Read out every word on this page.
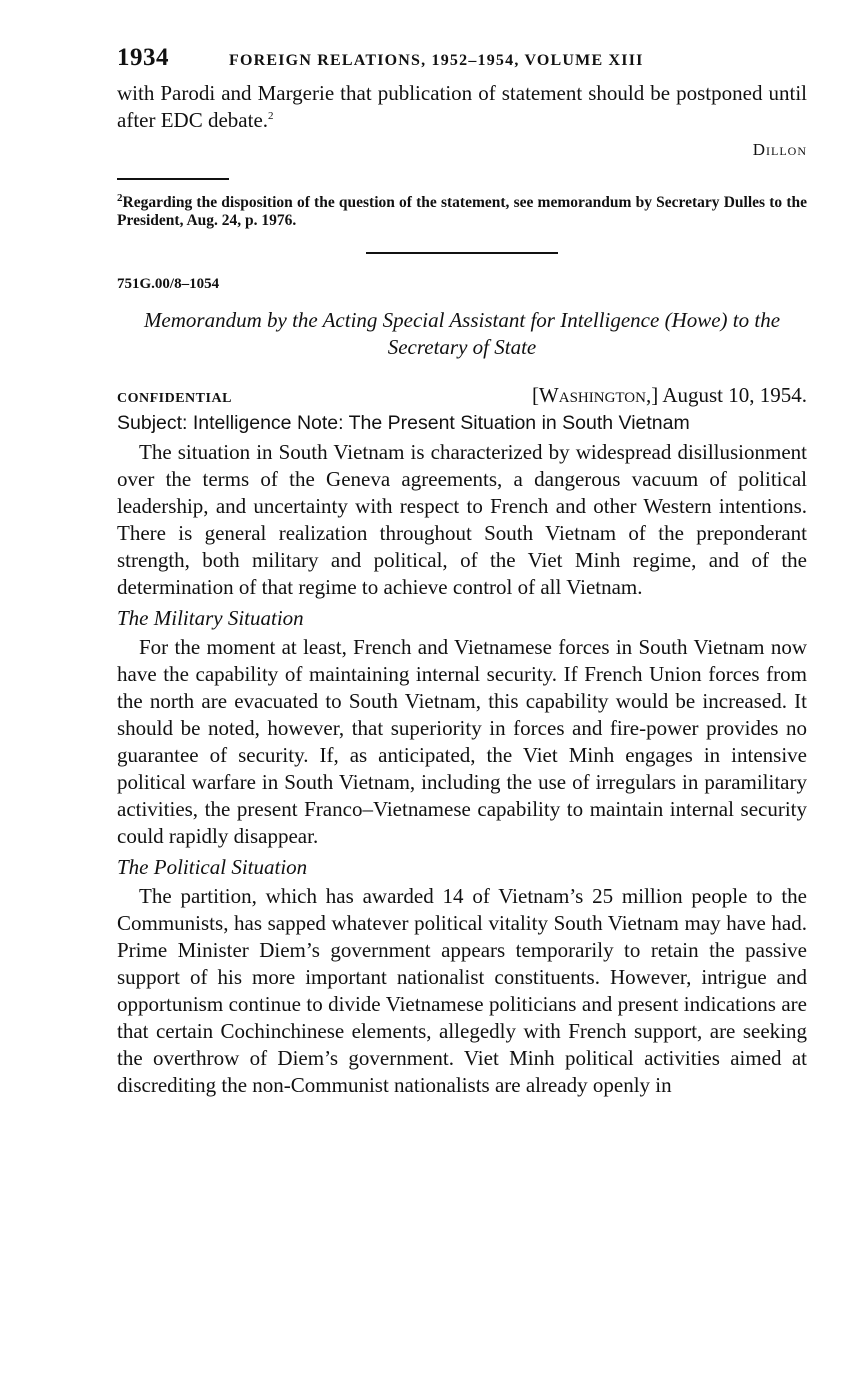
1934	FOREIGN RELATIONS, 1952–1954, VOLUME XIII

with Parodi and Margerie that publication of statement should be postponed until after EDC debate.$^2$

Dillon
$^2$Regarding the disposition of the question of the statement, see memorandum by Secretary Dulles to the President, Aug. 24, p. 1976.
751G.00/8–1054
Memorandum by the Acting Special Assistant for Intelligence (Howe) to the Secretary of State
CONFIDENTIAL	[Washington,] August 10, 1954.
Subject: Intelligence Note: The Present Situation in South Vietnam

The situation in South Vietnam is characterized by widespread disillusionment over the terms of the Geneva agreements, a dangerous vacuum of political leadership, and uncertainty with respect to French and other Western intentions. There is general realization throughout South Vietnam of the preponderant strength, both military and political, of the Viet Minh regime, and of the determination of that regime to achieve control of all Vietnam.

The Military Situation

For the moment at least, French and Vietnamese forces in South Vietnam now have the capability of maintaining internal security. If French Union forces from the north are evacuated to South Vietnam, this capability would be increased. It should be noted, however, that superiority in forces and fire-power provides no guarantee of security. If, as anticipated, the Viet Minh engages in intensive political warfare in South Vietnam, including the use of irregulars in paramilitary activities, the present Franco–Vietnamese capability to maintain internal security could rapidly disappear.

The Political Situation

The partition, which has awarded 14 of Vietnam’s 25 million people to the Communists, has sapped whatever political vitality South Vietnam may have had. Prime Minister Diem’s government appears temporarily to retain the passive support of his more important nationalist constituents. However, intrigue and opportunism continue to divide Vietnamese politicians and present indications are that certain Cochinchinese elements, allegedly with French support, are seeking the overthrow of Diem’s government. Viet Minh political activities aimed at discrediting the non-Communist nationalists are already openly in
